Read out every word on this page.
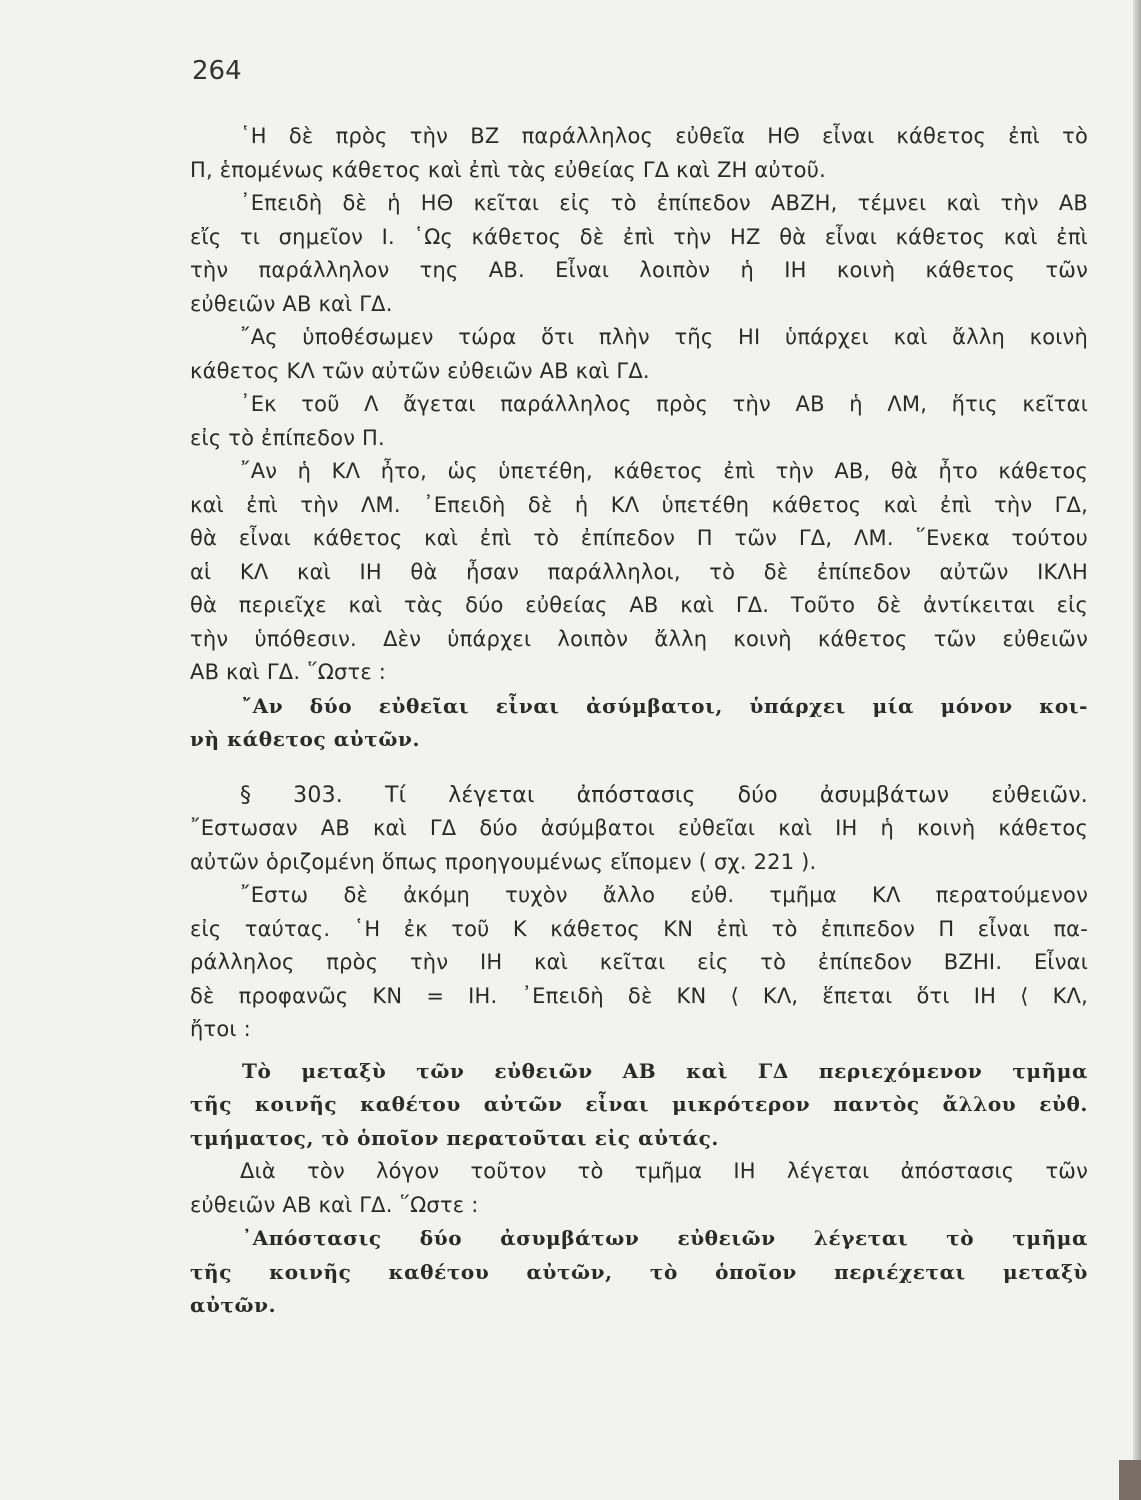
264
῾Η δὲ πρὸς τὴν ΒΖ παράλληλος εὐθεῖα ΗΘ εἶναι κάθετος ἐπὶ τὸ
Π, ἑπομένως κάθετος καὶ ἐπὶ τὰς εὐθείας ΓΔ καὶ ΖΗ αὐτοῦ.
᾿Επειδὴ δὲ ἡ ΗΘ κεῖται εἰς τὸ ἐπίπεδον ΑΒΖΗ, τέμνει καὶ τὴν ΑΒ
εἴς τι σημεῖον Ι. ῾Ως κάθετος δὲ ἐπὶ τὴν ΗΖ θὰ εἶναι κάθετος καὶ ἐπὶ
τὴν παράλληλον της ΑΒ. Εἶναι λοιπὸν ἡ ΙΗ κοινὴ κάθετος τῶν
εὐθειῶν ΑΒ καὶ ΓΔ.
῎Ας ὑποθέσωμεν τώρα ὅτι πλὴν τῆς ΗΙ ὑπάρχει καὶ ἄλλη κοινὴ
κάθετος ΚΛ τῶν αὐτῶν εὐθειῶν ΑΒ καὶ ΓΔ.
᾿Εκ τοῦ Λ ἄγεται παράλληλος πρὸς τὴν ΑΒ ἡ ΛΜ, ἥτις κεῖται
εἰς τὸ ἐπίπεδον Π.
῎Αν ἡ ΚΛ ἦτο, ὡς ὑπετέθη, κάθετος ἐπὶ τὴν ΑΒ, θὰ ἦτο κάθετος
καὶ ἐπὶ τὴν ΛΜ. ᾿Επειδὴ δὲ ἡ ΚΛ ὑπετέθη κάθετος καὶ ἐπὶ τὴν ΓΔ,
θὰ εἶναι κάθετος καὶ ἐπὶ τὸ ἐπίπεδον Π τῶν ΓΔ, ΛΜ. ῞Ενεκα τούτου
αἱ ΚΛ καὶ ΙΗ θὰ ἦσαν παράλληλοι, τὸ δὲ ἐπίπεδον αὐτῶν ΙΚΛΗ
θὰ περιεῖχε καὶ τὰς δύο εὐθείας ΑΒ καὶ ΓΔ. Τοῦτο δὲ ἀντίκειται εἰς
τὴν ὑπόθεσιν. Δὲν ὑπάρχει λοιπὸν ἄλλη κοινὴ κάθετος τῶν εὐθειῶν
ΑΒ καὶ ΓΔ. ῞Ωστε :
῎Αν δύο εὐθεῖαι εἶναι ἀσύμβατοι, ὑπάρχει μία μόνον κοι-
νὴ κάθετος αὐτῶν.
§ 303. Τί λέγεται ἀπόστασις δύο ἀσυμβάτων εὐθειῶν.
῎Εστωσαν ΑΒ καὶ ΓΔ δύο ἀσύμβατοι εὐθεῖαι καὶ ΙΗ ἡ κοινὴ κάθετος
αὐτῶν ὁριζομένη ὅπως προηγουμένως εἴπομεν ( σχ. 221 ).
῎Εστω δὲ ἀκόμη τυχὸν ἄλλο εὐθ. τμῆμα ΚΛ περατούμενον
εἰς ταύτας. ῾Η ἐκ τοῦ Κ κάθετος ΚΝ ἐπὶ τὸ ἐπιπεδον Π εἶναι πα-
ράλληλος πρὸς τὴν ΙΗ καὶ κεῖται εἰς τὸ ἐπίπεδον ΒΖΗΙ. Εἶναι
δὲ προφανῶς ΚΝ = ΙΗ. ᾿Επειδὴ δὲ ΚΝ ⟨ ΚΛ, ἕπεται ὅτι ΙΗ ⟨ ΚΛ,
ἤτοι :
Τὸ μεταξὺ τῶν εὐθειῶν ΑΒ καὶ ΓΔ περιεχόμενον τμῆμα
τῆς κοινῆς καθέτου αὐτῶν εἶναι μικρότερον παντὸς ἄλλου εὐθ.
τμήματος, τὸ ὁποῖον περατοῦται εἰς αὐτάς.
Διὰ τὸν λόγον τοῦτον τὸ τμῆμα ΙΗ λέγεται ἀπόστασις τῶν
εὐθειῶν ΑΒ καὶ ΓΔ. ῞Ωστε :
᾿Απόστασις δύο ἀσυμβάτων εὐθειῶν λέγεται τὸ τμῆμα
τῆς κοινῆς καθέτου αὐτῶν, τὸ ὁποῖον περιέχεται μεταξὺ
αὐτῶν.
